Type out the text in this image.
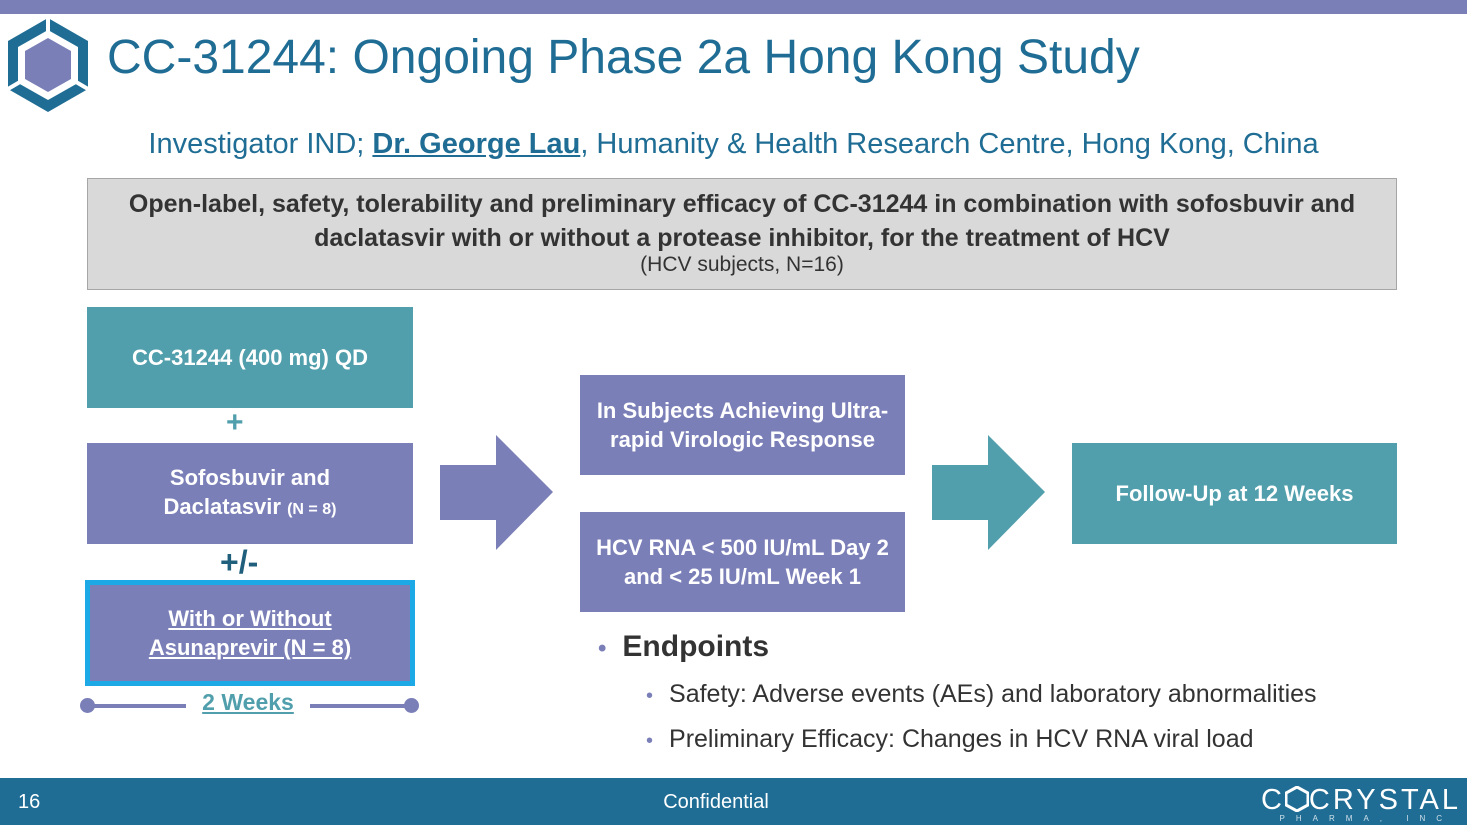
CC-31244: Ongoing Phase 2a Hong Kong Study
Investigator IND; Dr. George Lau, Humanity & Health Research Centre, Hong Kong, China
Open-label, safety, tolerability and preliminary efficacy of CC-31244 in combination with sofosbuvir and daclatasvir with or without a protease inhibitor, for the treatment of HCV
(HCV subjects, N=16)
CC-31244 (400 mg) QD
+
Sofosbuvir and
Daclatasvir (N = 8)
+/-
With or Without
Asunaprevir (N = 8)
2 Weeks
In Subjects Achieving Ultra-rapid Virologic Response
HCV RNA < 500 IU/mL Day 2 and < 25 IU/mL Week 1
Follow-Up at 12 Weeks
• Endpoints
• Safety: Adverse events (AEs) and laboratory abnormalities
• Preliminary Efficacy: Changes in HCV RNA viral load
16	Confidential	C CRYSTAL
PHARMA, INC
